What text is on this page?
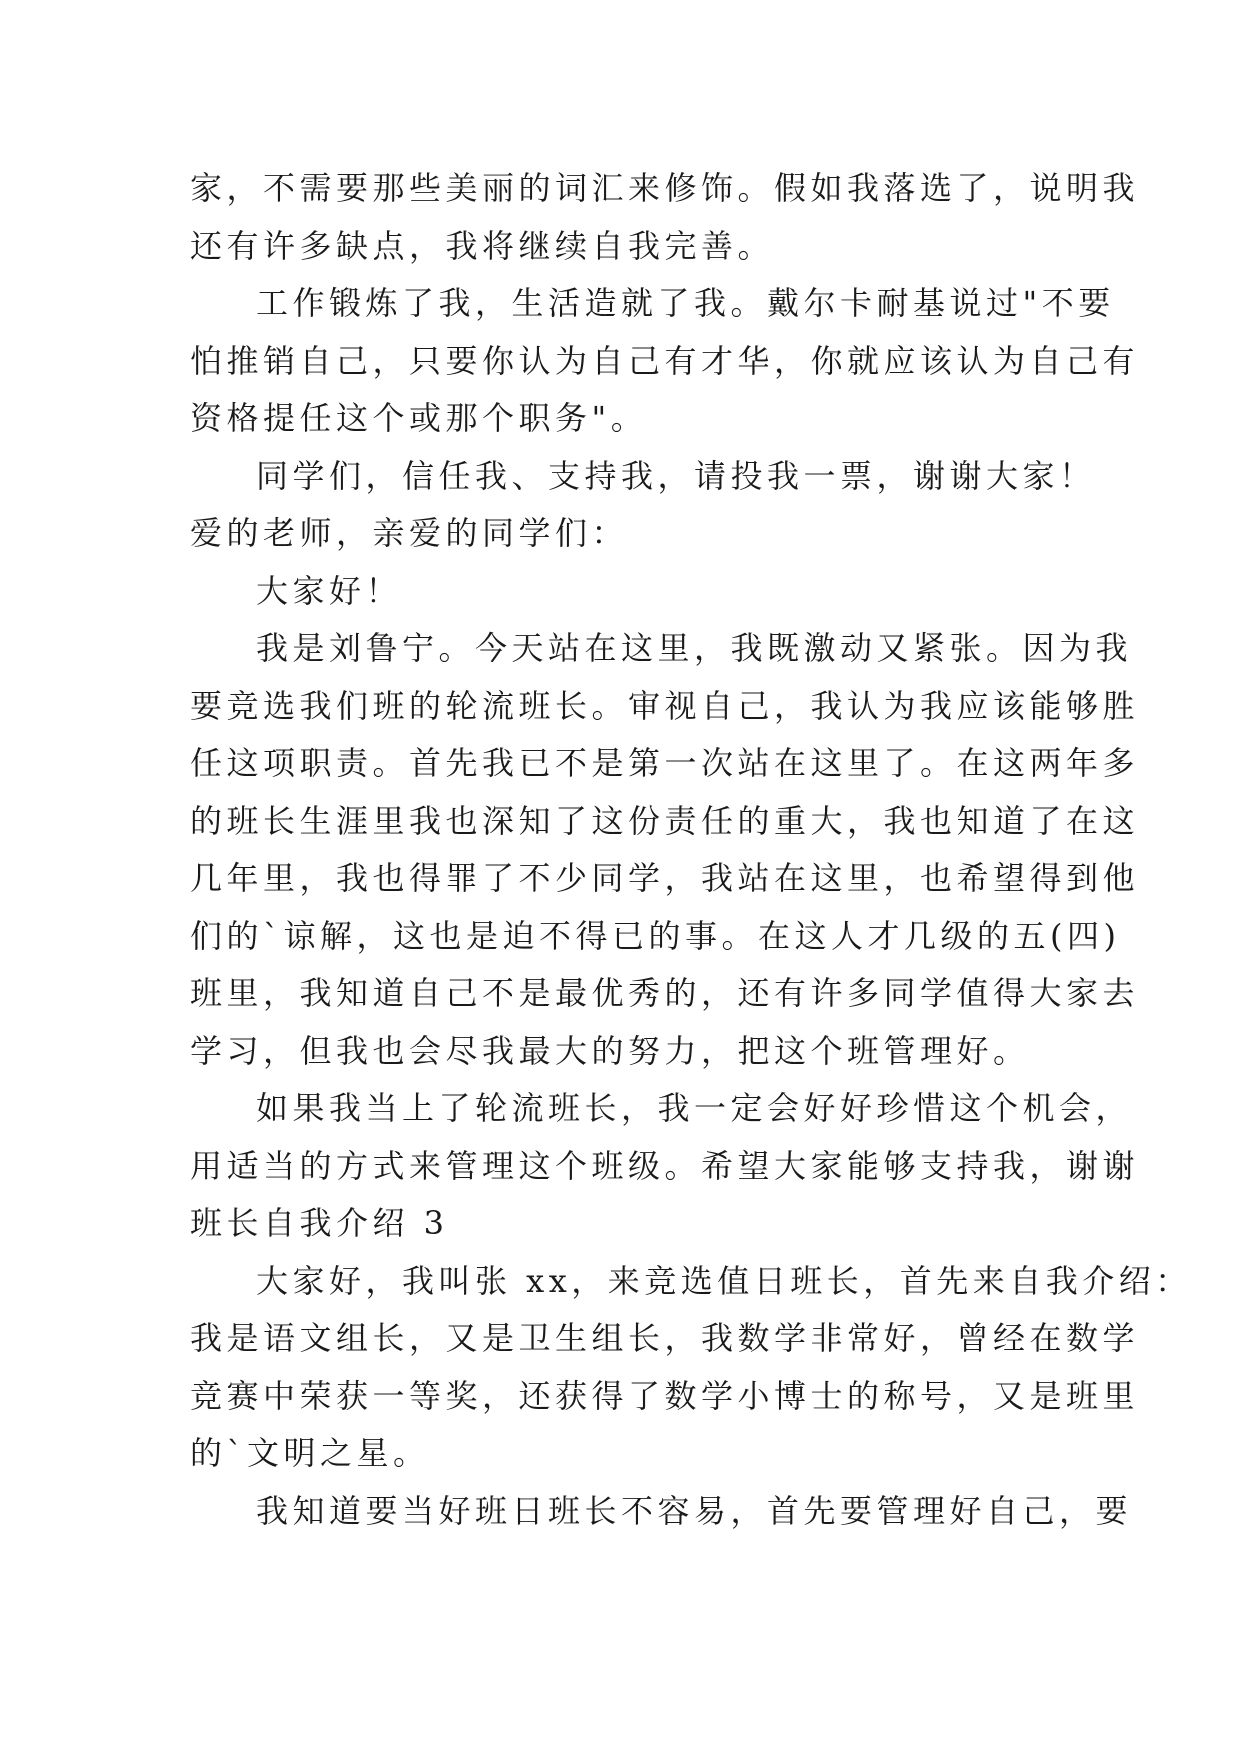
家，不需要那些美丽的词汇来修饰。假如我落选了，说明我
还有许多缺点，我将继续自我完善。
工作锻炼了我，生活造就了我。戴尔卡耐基说过"不要
怕推销自己，只要你认为自己有才华，你就应该认为自己有
资格提任这个或那个职务"。
同学们，信任我、支持我，请投我一票，谢谢大家！
爱的老师，亲爱的同学们：
大家好！
我是刘鲁宁。今天站在这里，我既激动又紧张。因为我
要竞选我们班的轮流班长。审视自己，我认为我应该能够胜
任这项职责。首先我已不是第一次站在这里了。在这两年多
的班长生涯里我也深知了这份责任的重大，我也知道了在这
几年里，我也得罪了不少同学，我站在这里，也希望得到他
们的`谅解，这也是迫不得已的事。在这人才几级的五(四)
班里，我知道自己不是最优秀的，还有许多同学值得大家去
学习，但我也会尽我最大的努力，把这个班管理好。
如果我当上了轮流班长，我一定会好好珍惜这个机会，
用适当的方式来管理这个班级。希望大家能够支持我，谢谢
班长自我介绍 3
大家好，我叫张 xx，来竞选值日班长，首先来自我介绍：
我是语文组长，又是卫生组长，我数学非常好，曾经在数学
竞赛中荣获一等奖，还获得了数学小博士的称号，又是班里
的`文明之星。
我知道要当好班日班长不容易，首先要管理好自己，要
